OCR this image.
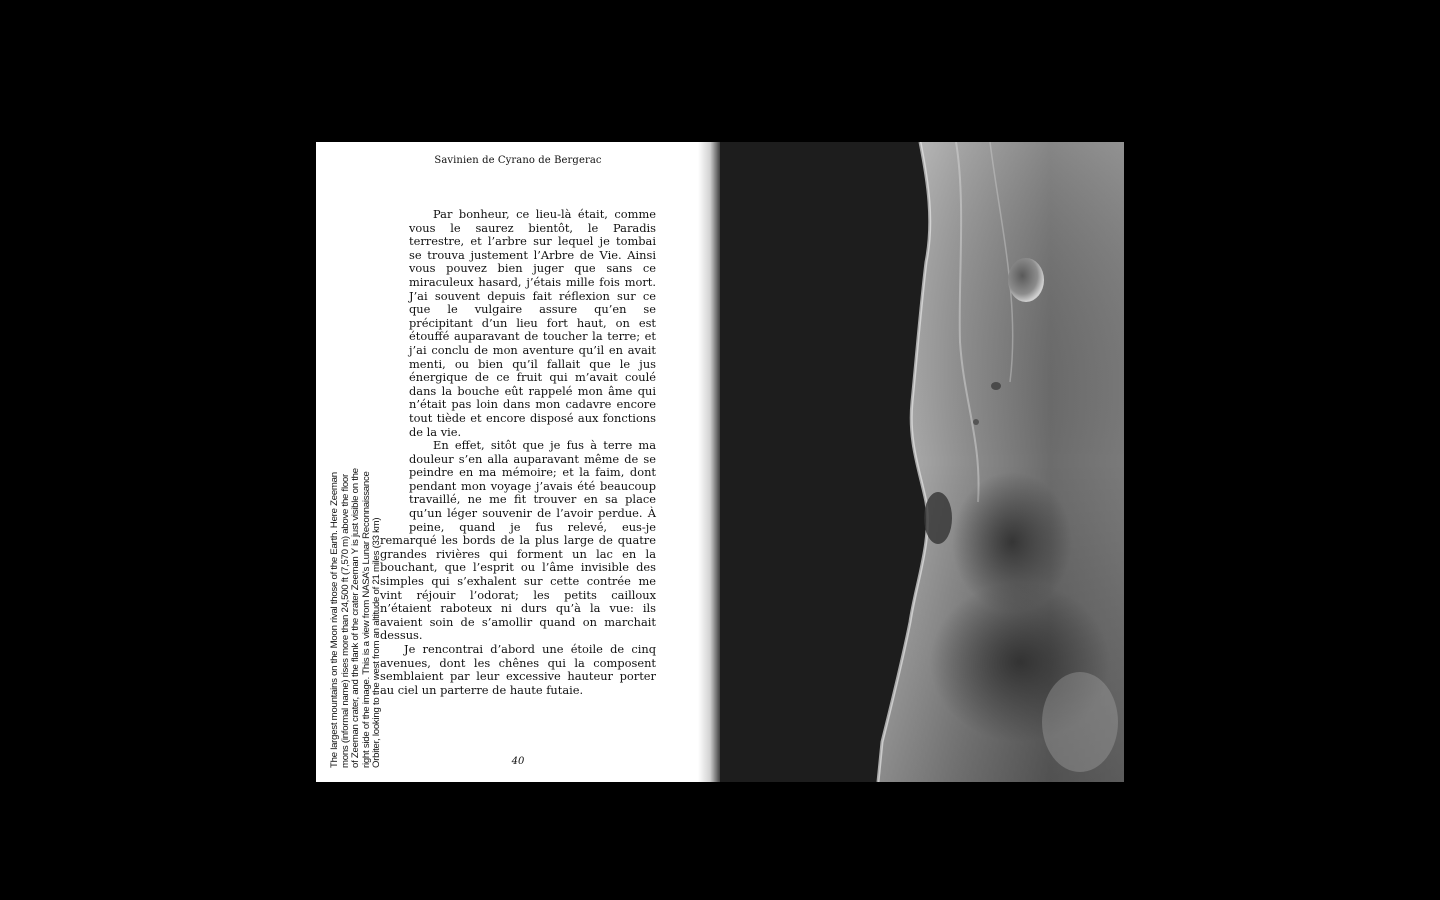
Savinien de Cyrano de Bergerac

Par bonheur, ce lieu-là était, comme vous le saurez bientôt, le Paradis terrestre, et l’arbre sur lequel je tombai se trouva justement l’Arbre de Vie. Ainsi vous pouvez bien juger que sans ce miraculeux hasard, j’étais mille fois mort. J’ai souvent depuis fait réflexion sur ce que le vulgaire assure qu’en se précipitant d’un lieu fort haut, on est étouffé auparavant de toucher la terre; et j’ai conclu de mon aventure qu’il en avait menti, ou bien qu’il fallait que le jus énergique de ce fruit qui m’avait coulé dans la bouche eût rappelé mon âme qui n’était pas loin dans mon cadavre encore tout tiède et encore disposé aux fonctions de la vie.

En effet, sitôt que je fus à terre ma douleur s’en alla auparavant même de se peindre en ma mémoire; et la faim, dont pendant mon voyage j’avais été beaucoup travaillé, ne me fit trouver en sa place qu’un léger souvenir de l’avoir perdue. À peine, quand je fus relevé, eus-je remarqué les bords de la plus large de quatre grandes rivières qui forment un lac en la bouchant, que l’esprit ou l’âme invisible des simples qui s’exhalent sur cette contrée me vint réjouir l’odorat; les petits cailloux n’étaient raboteux ni durs qu’à la vue: ils avaient soin de s’amollir quand on marchait dessus.

Je rencontrai d’abord une étoile de cinq avenues, dont les chênes qui la composent semblaient par leur excessive hauteur porter au ciel un parterre de haute futaie.

The largest mountains on the Moon rival those of the Earth. Here Zeeman mons (informal name) rises more than 24,500 ft (7,570 m) above the floor of Zeeman crater, and the flank of the crater Zeeman Y is just visible on the right side of the image. This is a view from NASA’s Lunar Reconnaissance Orbiter, looking to the west from an altitude of 21 miles (33 km)	40
